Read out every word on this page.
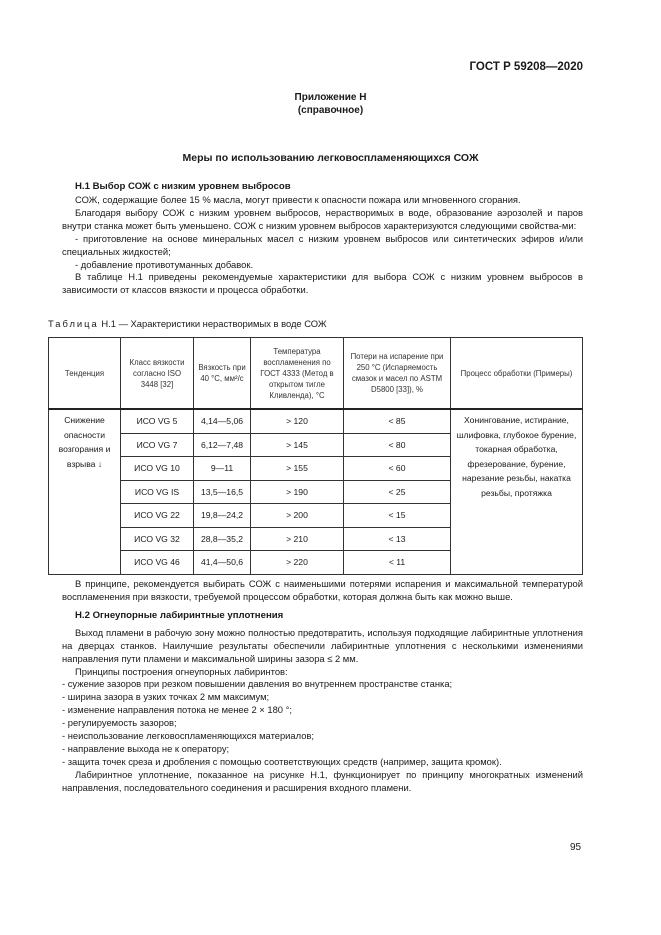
ГОСТ Р 59208—2020
Приложение Н
(справочное)
Меры по использованию легковоспламеняющихся СОЖ
Н.1 Выбор СОЖ с низким уровнем выбросов

СОЖ, содержащие более 15 % масла, могут привести к опасности пожара или мгновенного сгорания.

Благодаря выбору СОЖ с низким уровнем выбросов, нерастворимых в воде, образование аэрозолей и паров внутри станка может быть уменьшено. СОЖ с низким уровнем выбросов характеризуются следующими свойства-ми:

- приготовление на основе минеральных масел с низким уровнем выбросов или синтетических эфиров и/или специальных жидкостей;

- добавление противотуманных добавок.

В таблице Н.1 приведены рекомендуемые характеристики для выбора СОЖ с низким уровнем выбросов в зависимости от классов вязкости и процесса обработки.

Таблица Н.1 — Характеристики нерастворимых в воде СОЖ
Тенденция	Класс вязкости согласно ISO 3448 [32]	Вязкость при 40 °С, мм²/с	Температура воспламенения по ГОСТ 4333 (Метод в открытом тигле Кливленда), °С	Потери на испарение при 250 °С (Испаряемость смазок и масел по ASTM D5800 [33]), %	Процесс обработки (Примеры)
Снижение опасности возгорания и взрыва ↓	ИСО VG 5	4,14—5,06	> 120	< 85	Хонингование, истирание, шлифовка, глубокое бурение, токарная обработка, фрезерование, бурение, нарезание резьбы, накатка резьбы, протяжка
	ИСО VG 7	6,12—7,48	> 145	< 80	
	ИСО VG 10	9—11	> 155	< 60	
	ИСО VG IS	13,5—16,5	> 190	< 25	
	ИСО VG 22	19,8—24,2	> 200	< 15	
	ИСО VG 32	28,8—35,2	> 210	< 13	
	ИСО VG 46	41,4—50,6	> 220	< 11	

В принципе, рекомендуется выбирать СОЖ с наименьшими потерями испарения и максимальной температурой воспламенения при вязкости, требуемой процессом обработки, которая должна быть как можно выше.

Н.2 Огнеупорные лабиринтные уплотнения

Выход пламени в рабочую зону можно полностью предотвратить, используя подходящие лабиринтные уплотнения на дверцах станков. Наилучшие результаты обеспечили лабиринтные уплотнения с несколькими изменениями направления пути пламени и максимальной ширины зазора ≤ 2 мм.

Принципы построения огнеупорных лабиринтов:

- сужение зазоров при резком повышении давления во внутреннем пространстве станка;
- ширина зазора в узких точках 2 мм максимум;
- изменение направления потока не менее 2 × 180 °;
- регулируемость зазоров;
- неиспользование легковоспламеняющихся материалов;
- направление выхода не к оператору;
- защита точек среза и дробления с помощью соответствующих средств (например, защита кромок).

Лабиринтное уплотнение, показанное на рисунке Н.1, функционирует по принципу многократных изменений направления, последовательного соединения и расширения входного пламени.

95
